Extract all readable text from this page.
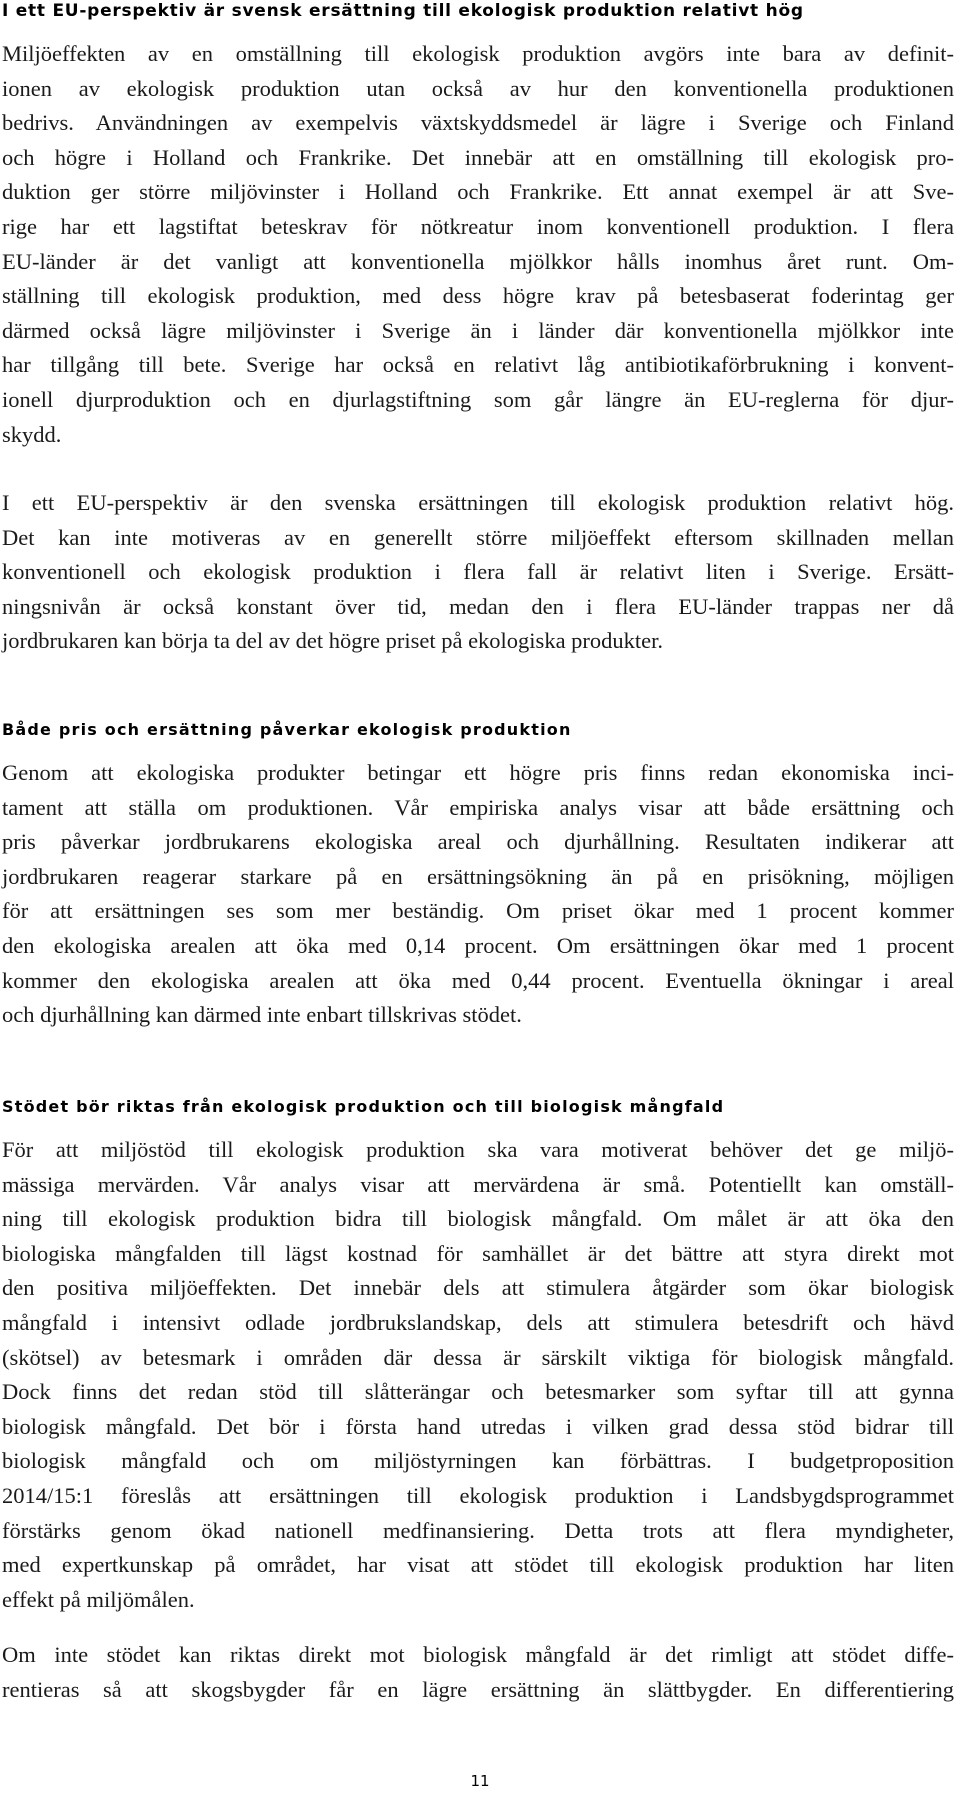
I ett EU-perspektiv är svensk ersättning till ekologisk produktion relativt hög
Miljöeffekten av en omställning till ekologisk produktion avgörs inte bara av definit-
ionen av ekologisk produktion utan också av hur den konventionella produktionen
bedrivs. Användningen av exempelvis växtskyddsmedel är lägre i Sverige och Finland
och högre i Holland och Frankrike. Det innebär att en omställning till ekologisk pro-
duktion ger större miljövinster i Holland och Frankrike. Ett annat exempel är att Sve-
rige har ett lagstiftat beteskrav för nötkreatur inom konventionell produktion. I flera
EU-länder är det vanligt att konventionella mjölkkor hålls inomhus året runt. Om-
ställning till ekologisk produktion, med dess högre krav på betesbaserat foderintag ger
därmed också lägre miljövinster i Sverige än i länder där konventionella mjölkkor inte
har tillgång till bete. Sverige har också en relativt låg antibiotikaförbrukning i konvent-
ionell djurproduktion och en djurlagstiftning som går längre än EU-reglerna för djur-
skydd.
I ett EU-perspektiv är den svenska ersättningen till ekologisk produktion relativt hög.
Det kan inte motiveras av en generellt större miljöeffekt eftersom skillnaden mellan
konventionell och ekologisk produktion i flera fall är relativt liten i Sverige. Ersätt-
ningsnivån är också konstant över tid, medan den i flera EU-länder trappas ner då
jordbrukaren kan börja ta del av det högre priset på ekologiska produkter.
Både pris och ersättning påverkar ekologisk produktion
Genom att ekologiska produkter betingar ett högre pris finns redan ekonomiska inci-
tament att ställa om produktionen. Vår empiriska analys visar att både ersättning och
pris påverkar jordbrukarens ekologiska areal och djurhållning. Resultaten indikerar att
jordbrukaren reagerar starkare på en ersättningsökning än på en prisökning, möjligen
för att ersättningen ses som mer beständig. Om priset ökar med 1 procent kommer
den ekologiska arealen att öka med 0,14 procent. Om ersättningen ökar med 1 procent
kommer den ekologiska arealen att öka med 0,44 procent. Eventuella ökningar i areal
och djurhållning kan därmed inte enbart tillskrivas stödet.
Stödet bör riktas från ekologisk produktion och till biologisk mångfald
För att miljöstöd till ekologisk produktion ska vara motiverat behöver det ge miljö-
mässiga mervärden. Vår analys visar att mervärdena är små. Potentiellt kan omställ-
ning till ekologisk produktion bidra till biologisk mångfald. Om målet är att öka den
biologiska mångfalden till lägst kostnad för samhället är det bättre att styra direkt mot
den positiva miljöeffekten. Det innebär dels att stimulera åtgärder som ökar biologisk
mångfald i intensivt odlade jordbrukslandskap, dels att stimulera betesdrift och hävd
(skötsel) av betesmark i områden där dessa är särskilt viktiga för biologisk mångfald.
Dock finns det redan stöd till slåtterängar och betesmarker som syftar till att gynna
biologisk mångfald. Det bör i första hand utredas i vilken grad dessa stöd bidrar till
biologisk mångfald och om miljöstyrningen kan förbättras. I budgetproposition
2014/15:1 föreslås att ersättningen till ekologisk produktion i Landsbygdsprogrammet
förstärks genom ökad nationell medfinansiering. Detta trots att flera myndigheter,
med expertkunskap på området, har visat att stödet till ekologisk produktion har liten
effekt på miljömålen.
Om inte stödet kan riktas direkt mot biologisk mångfald är det rimligt att stödet diffe-
rentieras så att skogsbygder får en lägre ersättning än slättbygder. En differentiering
11
